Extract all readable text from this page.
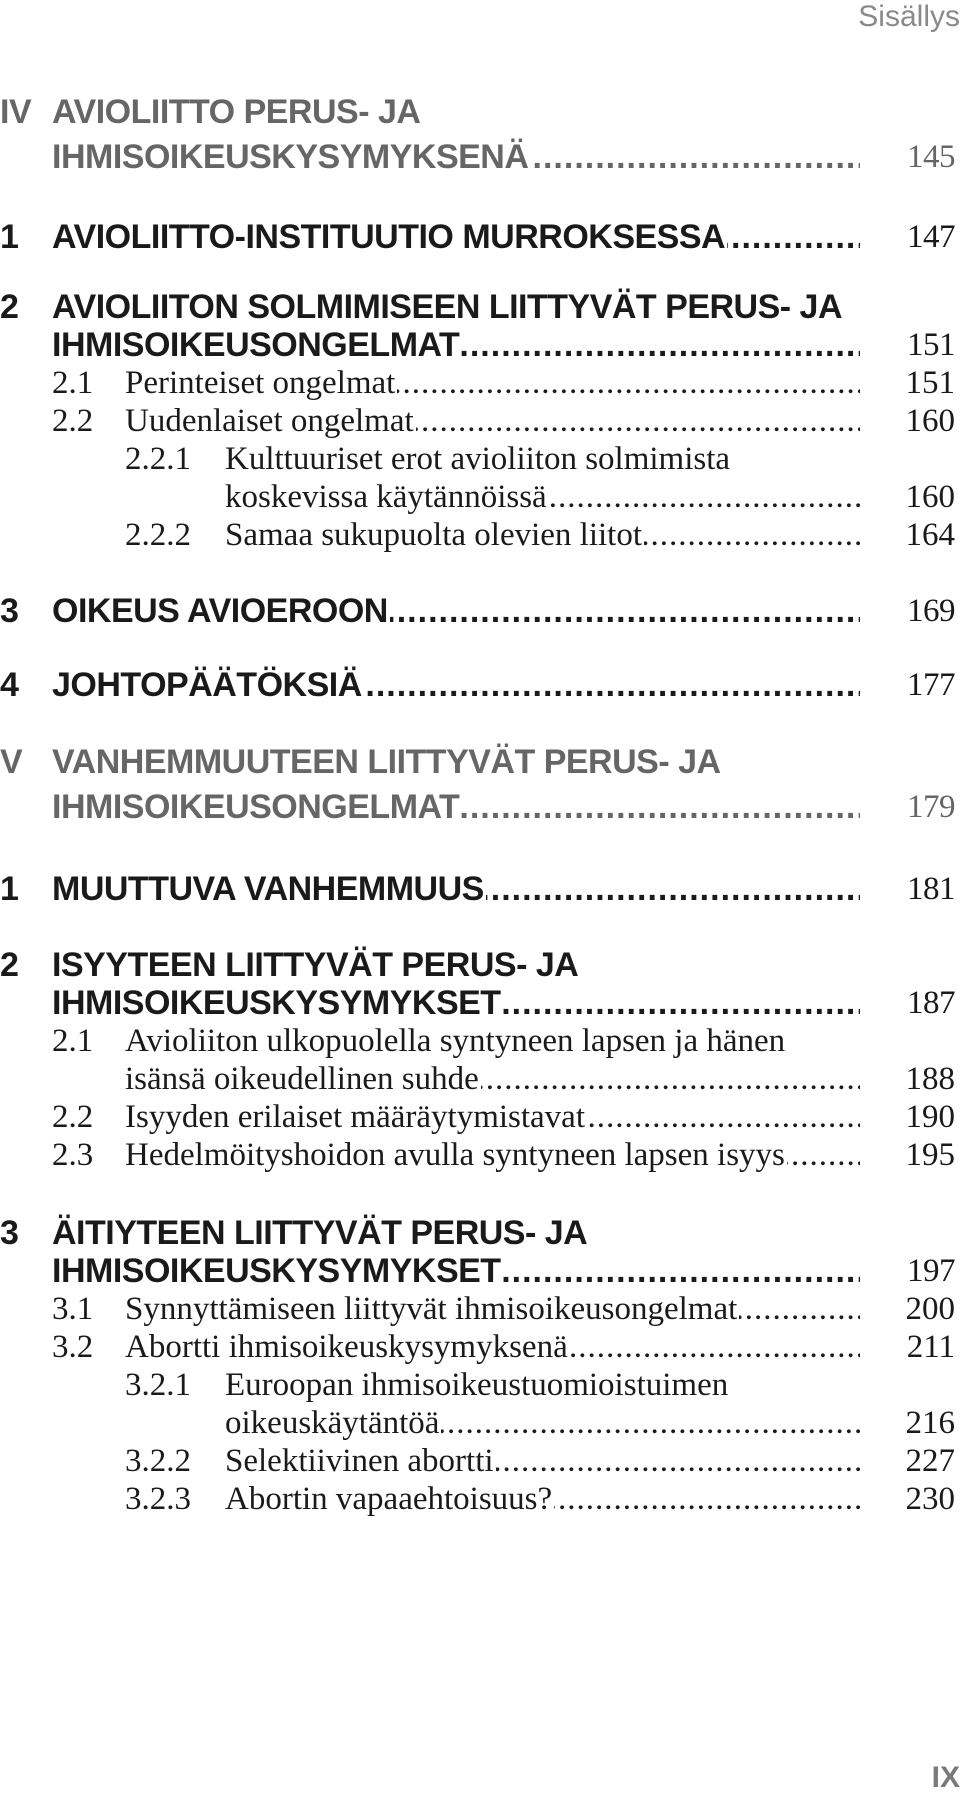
Sisällys
IV AVIOLIITTO PERUS- JA
IHMISOIKEUSKYSYMYKSENÄ .....	145
1 AVIOLIITTO-INSTITUUTIO MURROKSESSA .....	147
2 AVIOLIITON SOLMIMISEEN LIITTYVÄT PERUS- JA
IHMISOIKEUSONGELMAT .....	151
2.1 Perinteiset ongelmat .....	151
2.2 Uudenlaiset ongelmat .....	160
2.2.1	Kulttuuriset erot avioliiton solmimista
koskevissa käytännöissä .....	160
2.2.2	Samaa sukupuolta olevien liitot .....	164
3 OIKEUS AVIOEROON .....	169
4 JOHTOPÄÄTÖKSIÄ .....	177
V VANHEMMUUTEEN LIITTYVÄT PERUS- JA
IHMISOIKEUSONGELMAT .....	179
1 MUUTTUVA VANHEMMUUS .....	181
2 ISYYTEEN LIITTYVÄT PERUS- JA
IHMISOIKEUSKYSYMYKSET .....	187
2.1 Avioliiton ulkopuolella syntyneen lapsen ja hänen
isänsä oikeudellinen suhde .....	188
2.2 Isyyden erilaiset määräytymistavat .....	190
2.3 Hedelmöityshoidon avulla syntyneen lapsen isyys .....	195
3 ÄITIYTEEN LIITTYVÄT PERUS- JA
IHMISOIKEUSKYSYMYKSET .....	197
3.1 Synnyttämiseen liittyvät ihmisoikeusongelmat .....	200
3.2 Abortti ihmisoikeuskysymyksenä .....	211
3.2.1	Euroopan ihmisoikeustuomioistuimen
oikeuskäytäntöä .....	216
3.2.2	Selektiivinen abortti .....	227
3.2.3	Abortin vapaaehtoisuus? .....	230
IX
